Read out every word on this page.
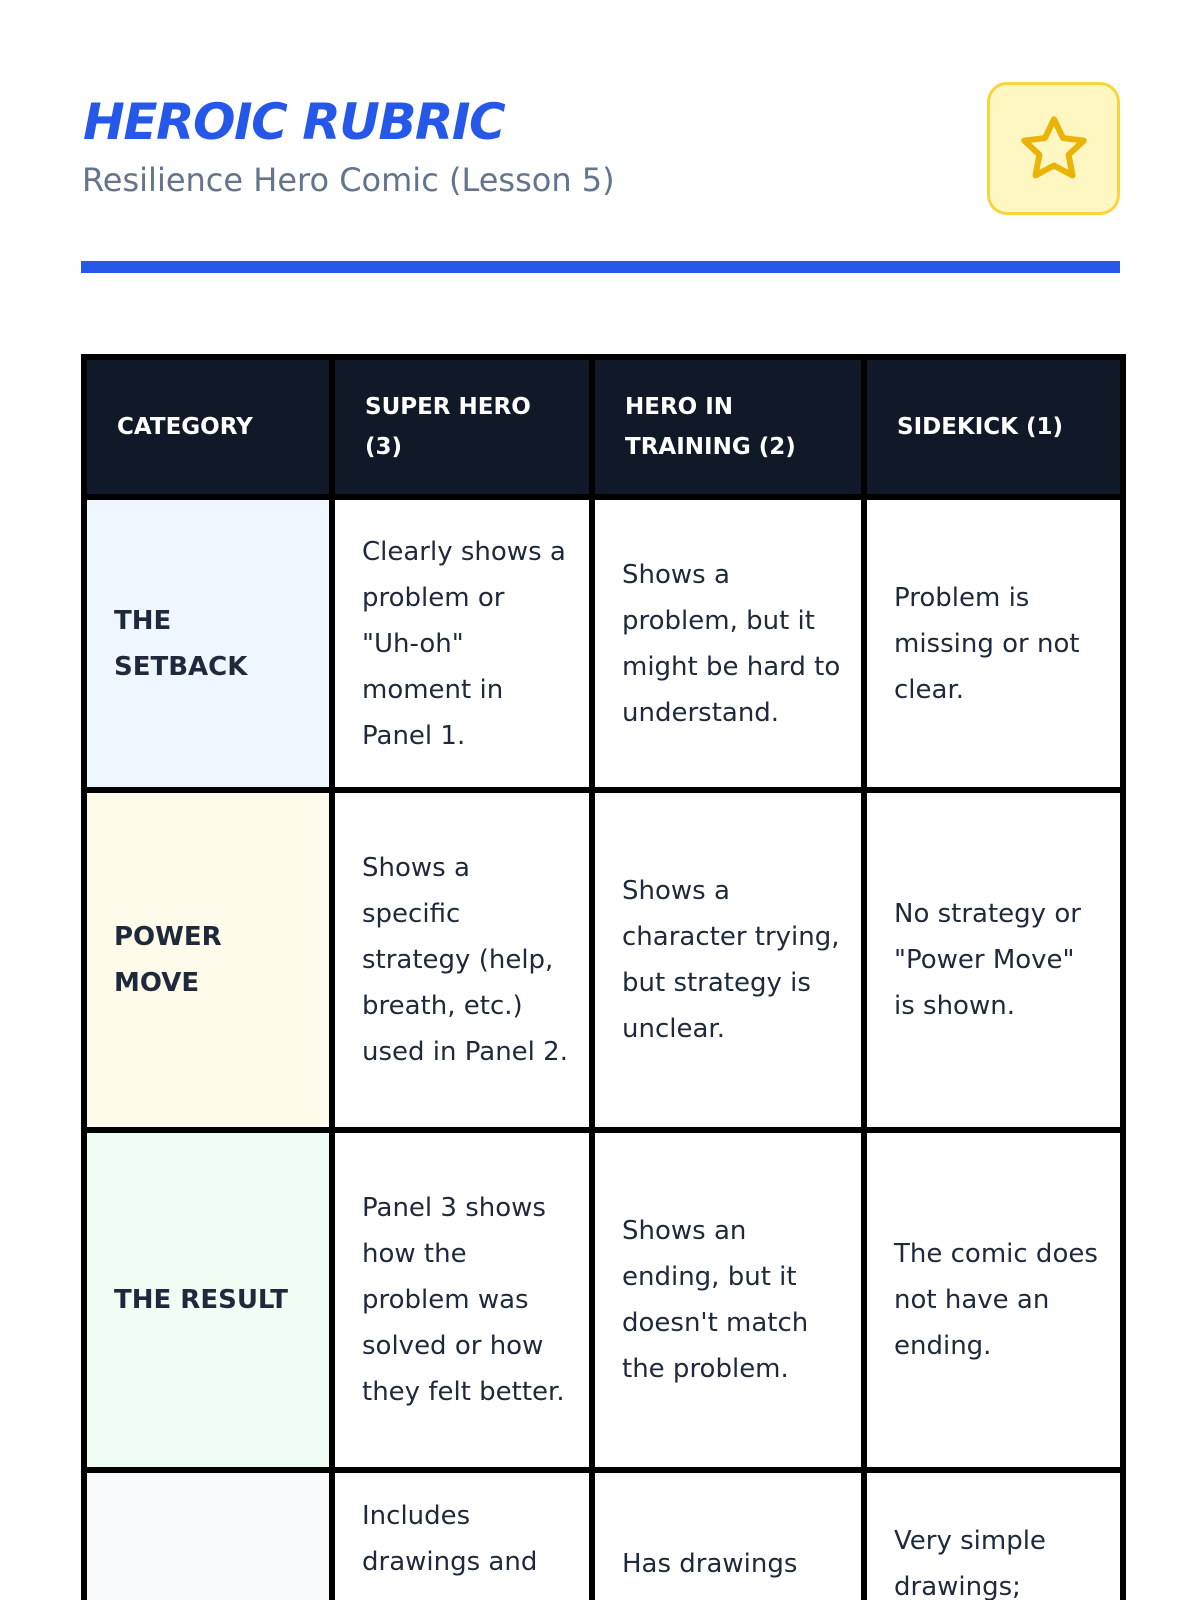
HEROIC RUBRIC

Resilience Hero Comic (Lesson 5)

CATEGORY	SUPER HERO (3)	HERO IN TRAINING (2)	SIDEKICK (1)
THE SETBACK	Clearly shows a problem or "Uh-oh" moment in Panel 1.	Shows a problem, but it might be hard to understand.	Problem is missing or not clear.
POWER MOVE	Shows a specific strategy (help, breath, etc.) used in Panel 2.	Shows a character trying, but strategy is unclear.	No strategy or "Power Move" is shown.
THE RESULT	Panel 3 shows how the problem was solved or how they felt better.	Shows an ending, but it doesn't match the problem.	The comic does not have an ending.
	Includes drawings and	Has drawings	Very simple drawings;
